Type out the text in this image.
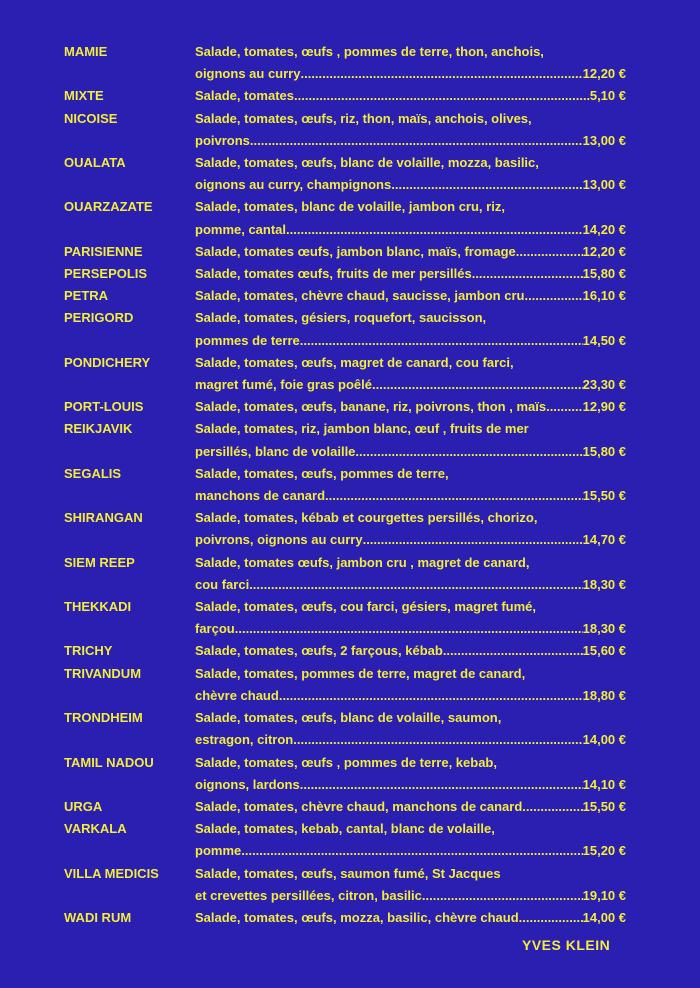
MAMIE	Salade, tomates, œufs , pommes de terre, thon, anchois,
oignons au curry .....	12,20 €
MIXTE	Salade, tomates .....	5,10 €
NICOISE	Salade, tomates, œufs, riz, thon, maïs, anchois, olives,
poivrons .....	13,00 €
OUALATA	Salade, tomates, œufs, blanc de volaille, mozza, basilic,
oignons au curry, champignons .....	13,00 €
OUARZAZATE	Salade, tomates, blanc de volaille, jambon cru, riz,
pomme, cantal .....	14,20 €
PARISIENNE	Salade, tomates œufs, jambon blanc, maïs, fromage .....	12,20 €
PERSEPOLIS	Salade, tomates œufs, fruits de mer persillés .....	15,80 €
PETRA	Salade, tomates, chèvre chaud, saucisse, jambon cru .....	16,10 €
PERIGORD	Salade, tomates, gésiers, roquefort, saucisson,
pommes de terre .....	14,50 €
PONDICHERY	Salade, tomates, œufs, magret de canard, cou farci,
magret fumé, foie gras poêlé .....	23,30 €
PORT-LOUIS	Salade, tomates, œufs, banane, riz, poivrons, thon , maïs .....	12,90 €
REIKJAVIK	Salade, tomates, riz, jambon blanc, œuf , fruits de mer
persillés, blanc de volaille .....	15,80 €
SEGALIS	Salade, tomates, œufs, pommes de terre,
manchons de canard .....	15,50 €
SHIRANGAN	Salade, tomates, kébab et courgettes persillés, chorizo,
poivrons, oignons au curry .....	14,70 €
SIEM REEP	Salade, tomates œufs, jambon cru , magret de canard,
cou farci .....	18,30 €
THEKKADI	Salade, tomates, œufs, cou farci, gésiers, magret fumé,
farçou .....	18,30 €
TRICHY	Salade, tomates, œufs, 2 farçous, kébab .....	15,60 €
TRIVANDUM	Salade, tomates, pommes de terre, magret de canard,
chèvre chaud .....	18,80 €
TRONDHEIM	Salade, tomates, œufs, blanc de volaille, saumon,
estragon, citron .....	14,00 €
TAMIL NADOU	Salade, tomates, œufs , pommes de terre, kebab,
oignons, lardons .....	14,10 €
URGA	Salade, tomates, chèvre chaud, manchons de canard .....	15,50 €
VARKALA	Salade, tomates, kebab, cantal, blanc de volaille,
pomme .....	15,20 €
VILLA MEDICIS	Salade, tomates, œufs, saumon fumé, St Jacques
et crevettes persillées, citron, basilic .....	19,10 €
WADI RUM	Salade, tomates, œufs, mozza, basilic, chèvre chaud .....	14,00 €
YVES KLEIN
